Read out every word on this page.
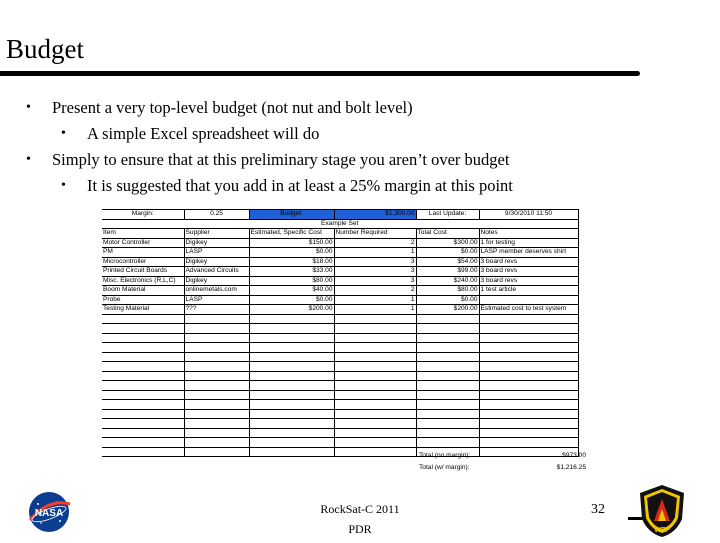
Budget
• Present a very top-level budget (not nut and bolt level)
• A simple Excel spreadsheet will do
• Simply to ensure that at this preliminary stage you aren’t over budget
• It is suggested that you add in at least a 25% margin at this point
Margin:	0.25	Budget:	$1,300.00	Last Update:	9/30/2010 11:50
Example Set					
Item	Supplier	Estimated, Specific Cost	Number Required	Total Cost	Notes
Motor Controller	Digikey	$150.00	2	$300.00	1 for testing
PM	LASP	$0.00	1	$0.00	LASP member deserves shirt
Microcontroller	Digikey	$18.00	3	$54.00	3 board revs
Printed Circuit Boards	Advanced Circuits	$33.00	3	$99.00	3 board revs
Misc. Electronics (R,L,C)	Digikey	$80.00	3	$240.00	3 board revs
Boom Material	onlinemetals.com	$40.00	2	$80.00	1 test article
Probe	LASP	$0.00	1	$0.00	
Testing Material	???	$200.00	1	$200.00	Estimated cost to test system

Total (no margin):	$973.00
Total (w/ margin):	$1,216.25
NASA	RockSat-C 2011
PDR
32
WFF
